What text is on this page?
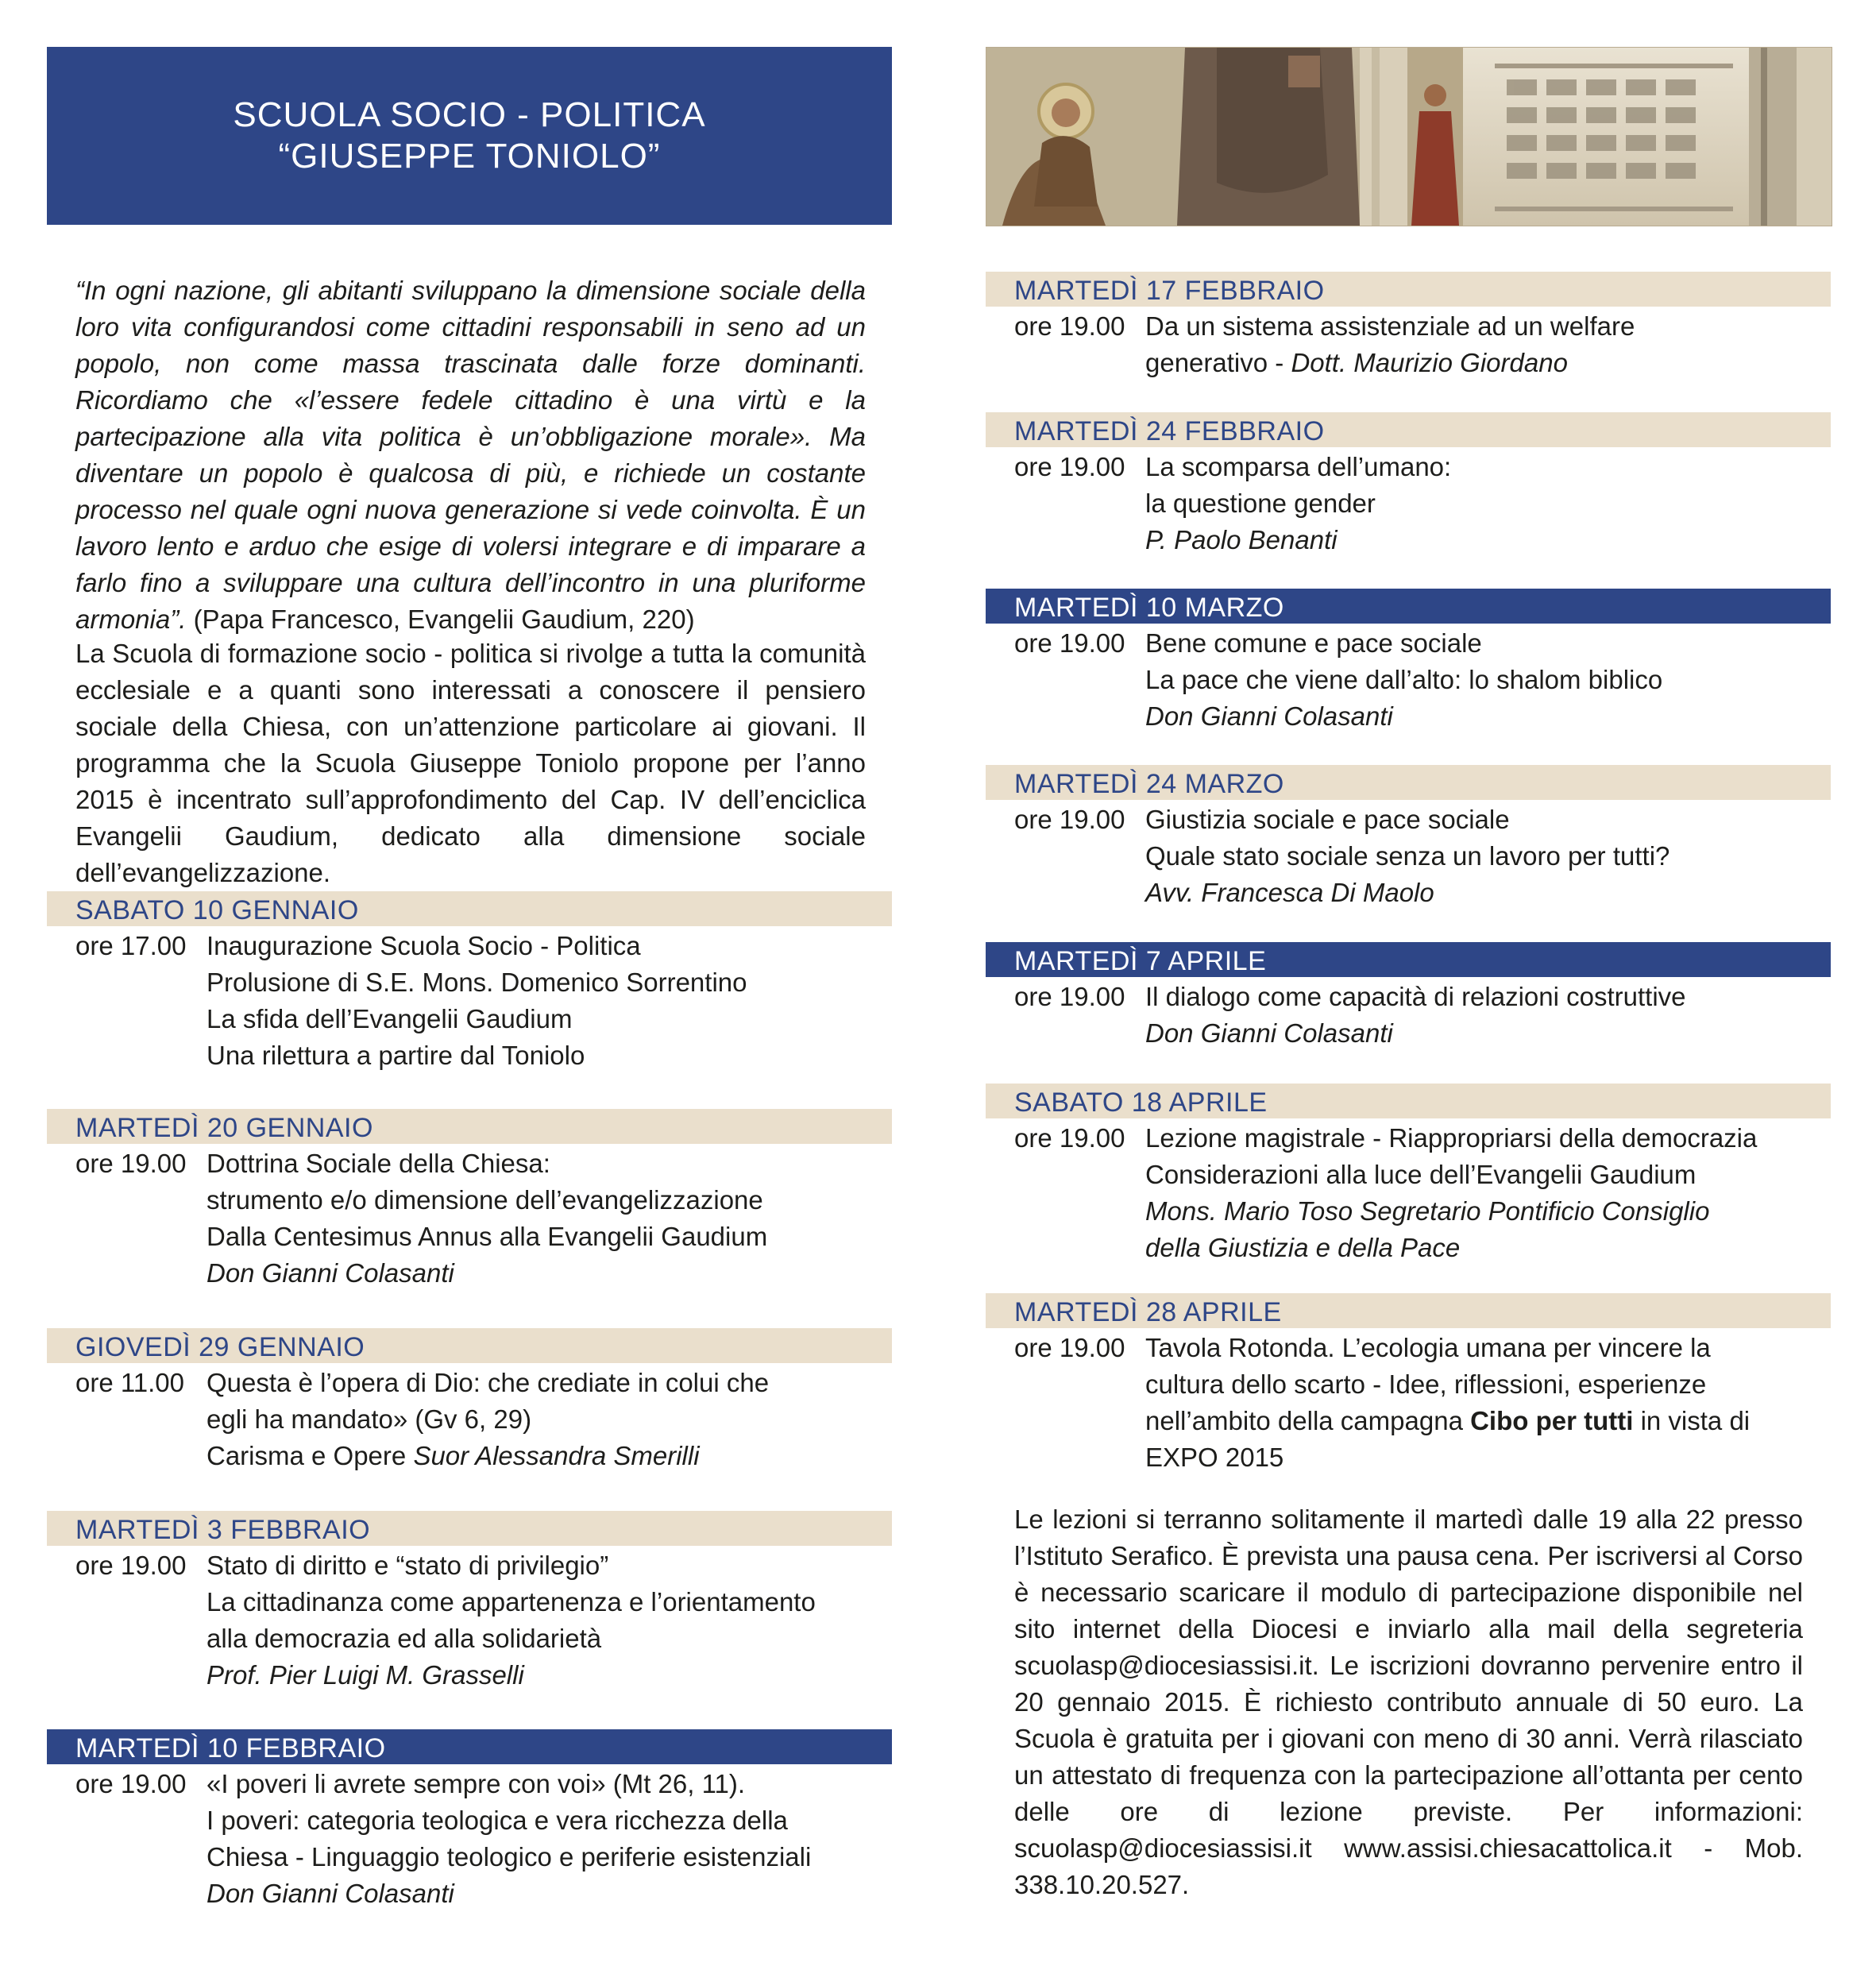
SCUOLA SOCIO - POLITICA
“GIUSEPPE TONIOLO”
“In ogni nazione, gli abitanti sviluppano la dimensione sociale della loro vita configurandosi come cittadini responsabili in seno ad un popolo, non come massa trascinata dalle forze dominanti. Ricordiamo che «l’essere fedele cittadino è una virtù e la partecipazione alla vita politica è un’obbligazione morale». Ma diventare un popolo è qualcosa di più, e richiede un costante processo nel quale ogni nuova generazione si vede coinvolta. È un lavoro lento e arduo che esige di volersi integrare e di imparare a farlo fino a sviluppare una cultura dell’incontro in una pluriforme armonia”. (Papa Francesco, Evangelii Gaudium, 220)
La Scuola di formazione socio - politica si rivolge a tutta la comunità ecclesiale e a quanti sono interessati a conoscere il pensiero sociale della Chiesa, con un’attenzione particolare ai giovani. Il programma che la Scuola Giuseppe Toniolo propone per l’anno 2015 è incentrato sull’approfondimento del Cap. IV dell’enciclica Evangelii Gaudium, dedicato alla dimensione sociale dell’evangelizzazione.
SABATO 10 GENNAIO
ore 17.00 Inaugurazione Scuola Socio - Politica
Prolusione di S.E. Mons. Domenico Sorrentino
La sfida dell’Evangelii Gaudium
Una rilettura a partire dal Toniolo
MARTEDÌ 20 GENNAIO
ore 19.00 Dottrina Sociale della Chiesa:
strumento e/o dimensione dell’evangelizzazione
Dalla Centesimus Annus alla Evangelii Gaudium
Don Gianni Colasanti
GIOVEDÌ 29 GENNAIO
ore 11.00 Questa è l’opera di Dio: che crediate in colui che
egli ha mandato» (Gv 6, 29)
Carisma e Opere Suor Alessandra Smerilli
MARTEDÌ 3 FEBBRAIO
ore 19.00 Stato di diritto e “stato di privilegio”
La cittadinanza come appartenenza e l’orientamento
alla democrazia ed alla solidarietà
Prof. Pier Luigi M. Grasselli
MARTEDÌ 10 FEBBRAIO
ore 19.00 «I poveri li avrete sempre con voi» (Mt 26, 11).
I poveri: categoria teologica e vera ricchezza della
Chiesa - Linguaggio teologico e periferie esistenziali
Don Gianni Colasanti
MARTEDÌ 17 FEBBRAIO
ore 19.00 Da un sistema assistenziale ad un welfare
generativo - Dott. Maurizio Giordano
MARTEDÌ 24 FEBBRAIO
ore 19.00 La scomparsa dell’umano:
la questione gender
P. Paolo Benanti
MARTEDÌ 10 MARZO
ore 19.00 Bene comune e pace sociale
La pace che viene dall’alto: lo shalom biblico
Don Gianni Colasanti
MARTEDÌ 24 MARZO
ore 19.00 Giustizia sociale e pace sociale
Quale stato sociale senza un lavoro per tutti?
Avv. Francesca Di Maolo
MARTEDÌ 7 APRILE
ore 19.00 Il dialogo come capacità di relazioni costruttive
Don Gianni Colasanti
SABATO 18 APRILE
ore 19.00 Lezione magistrale - Riappropriarsi della democrazia
Considerazioni alla luce dell’Evangelii Gaudium
Mons. Mario Toso Segretario Pontificio Consiglio
della Giustizia e della Pace
MARTEDÌ 28 APRILE
ore 19.00 Tavola Rotonda. L’ecologia umana per vincere la
cultura dello scarto - Idee, riflessioni, esperienze
nell’ambito della campagna Cibo per tutti in vista di
EXPO 2015
Le lezioni si terranno solitamente il martedì dalle 19 alla 22 presso l’Istituto Serafico. È prevista una pausa cena. Per iscriversi al Corso è necessario scaricare il modulo di partecipazione disponibile nel sito internet della Diocesi e inviarlo alla mail della segreteria scuolasp@diocesiassisi.it. Le iscrizioni dovranno pervenire entro il 20 gennaio 2015. È richiesto contributo annuale di 50 euro. La Scuola è gratuita per i giovani con meno di 30 anni. Verrà rilasciato un attestato di frequenza con la partecipazione all’ottanta per cento delle ore di lezione previste. Per informazioni: scuolasp@diocesiassisi.it www.assisi.chiesacattolica.it - Mob. 338.10.20.527.
